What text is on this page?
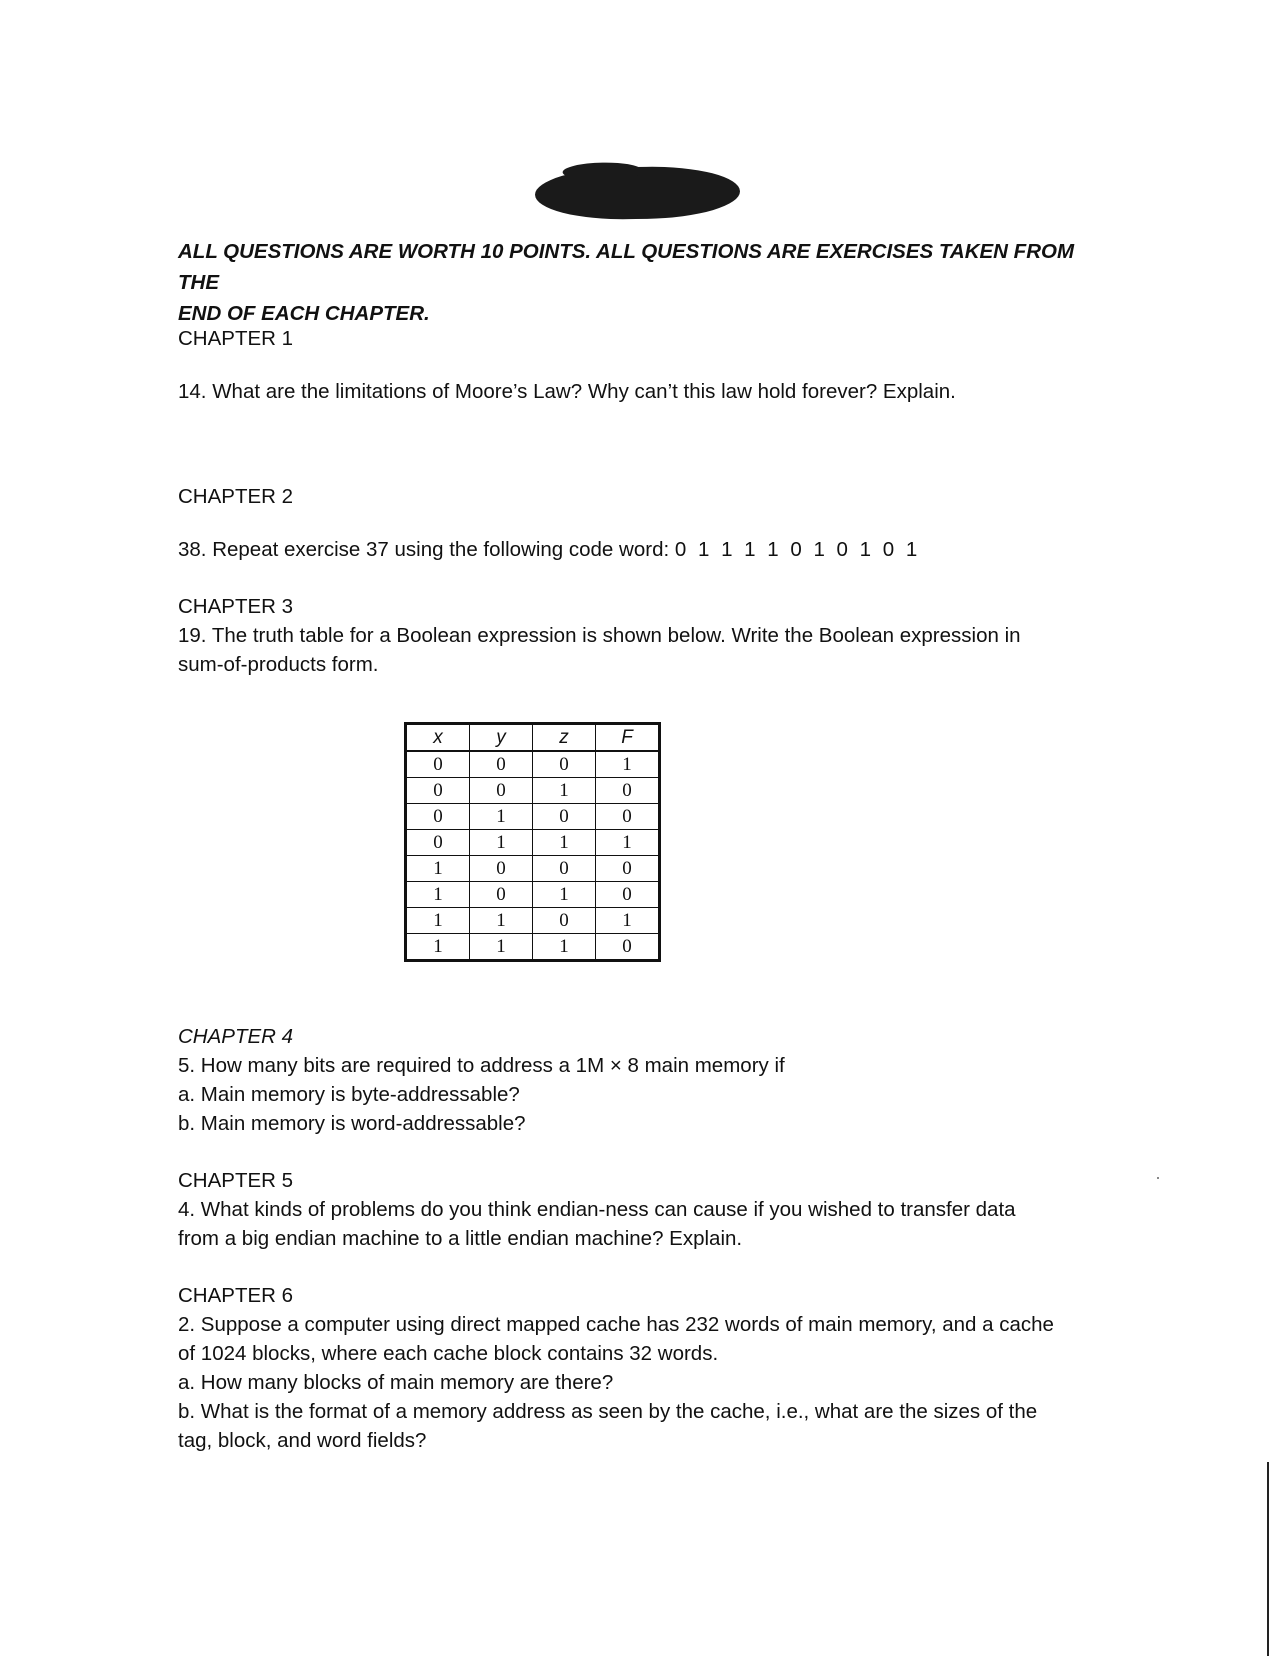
ALL QUESTIONS ARE WORTH 10 POINTS. ALL QUESTIONS ARE EXERCISES TAKEN FROM THE
END OF EACH CHAPTER.
CHAPTER 1
14. What are the limitations of Moore’s Law? Why can’t this law hold forever? Explain.
CHAPTER 2
38. Repeat exercise 37 using the following code word: 0 1 1 1 1 0 1 0 1 0 1
CHAPTER 3
19. The truth table for a Boolean expression is shown below. Write the Boolean expression in
sum-of-products form.
x	y	z	F
0	0	0	1
0	0	1	0
0	1	0	0
0	1	1	1
1	0	0	0
1	0	1	0
1	1	0	1
1	1	1	0
CHAPTER 4
5. How many bits are required to address a 1M × 8 main memory if
a. Main memory is byte-addressable?
b. Main memory is word-addressable?
CHAPTER 5
4. What kinds of problems do you think endian-ness can cause if you wished to transfer data
from a big endian machine to a little endian machine? Explain.
CHAPTER 6
2. Suppose a computer using direct mapped cache has 232 words of main memory, and a cache
of 1024 blocks, where each cache block contains 32 words.
a. How many blocks of main memory are there?
b. What is the format of a memory address as seen by the cache, i.e., what are the sizes of the
tag, block, and word fields?
